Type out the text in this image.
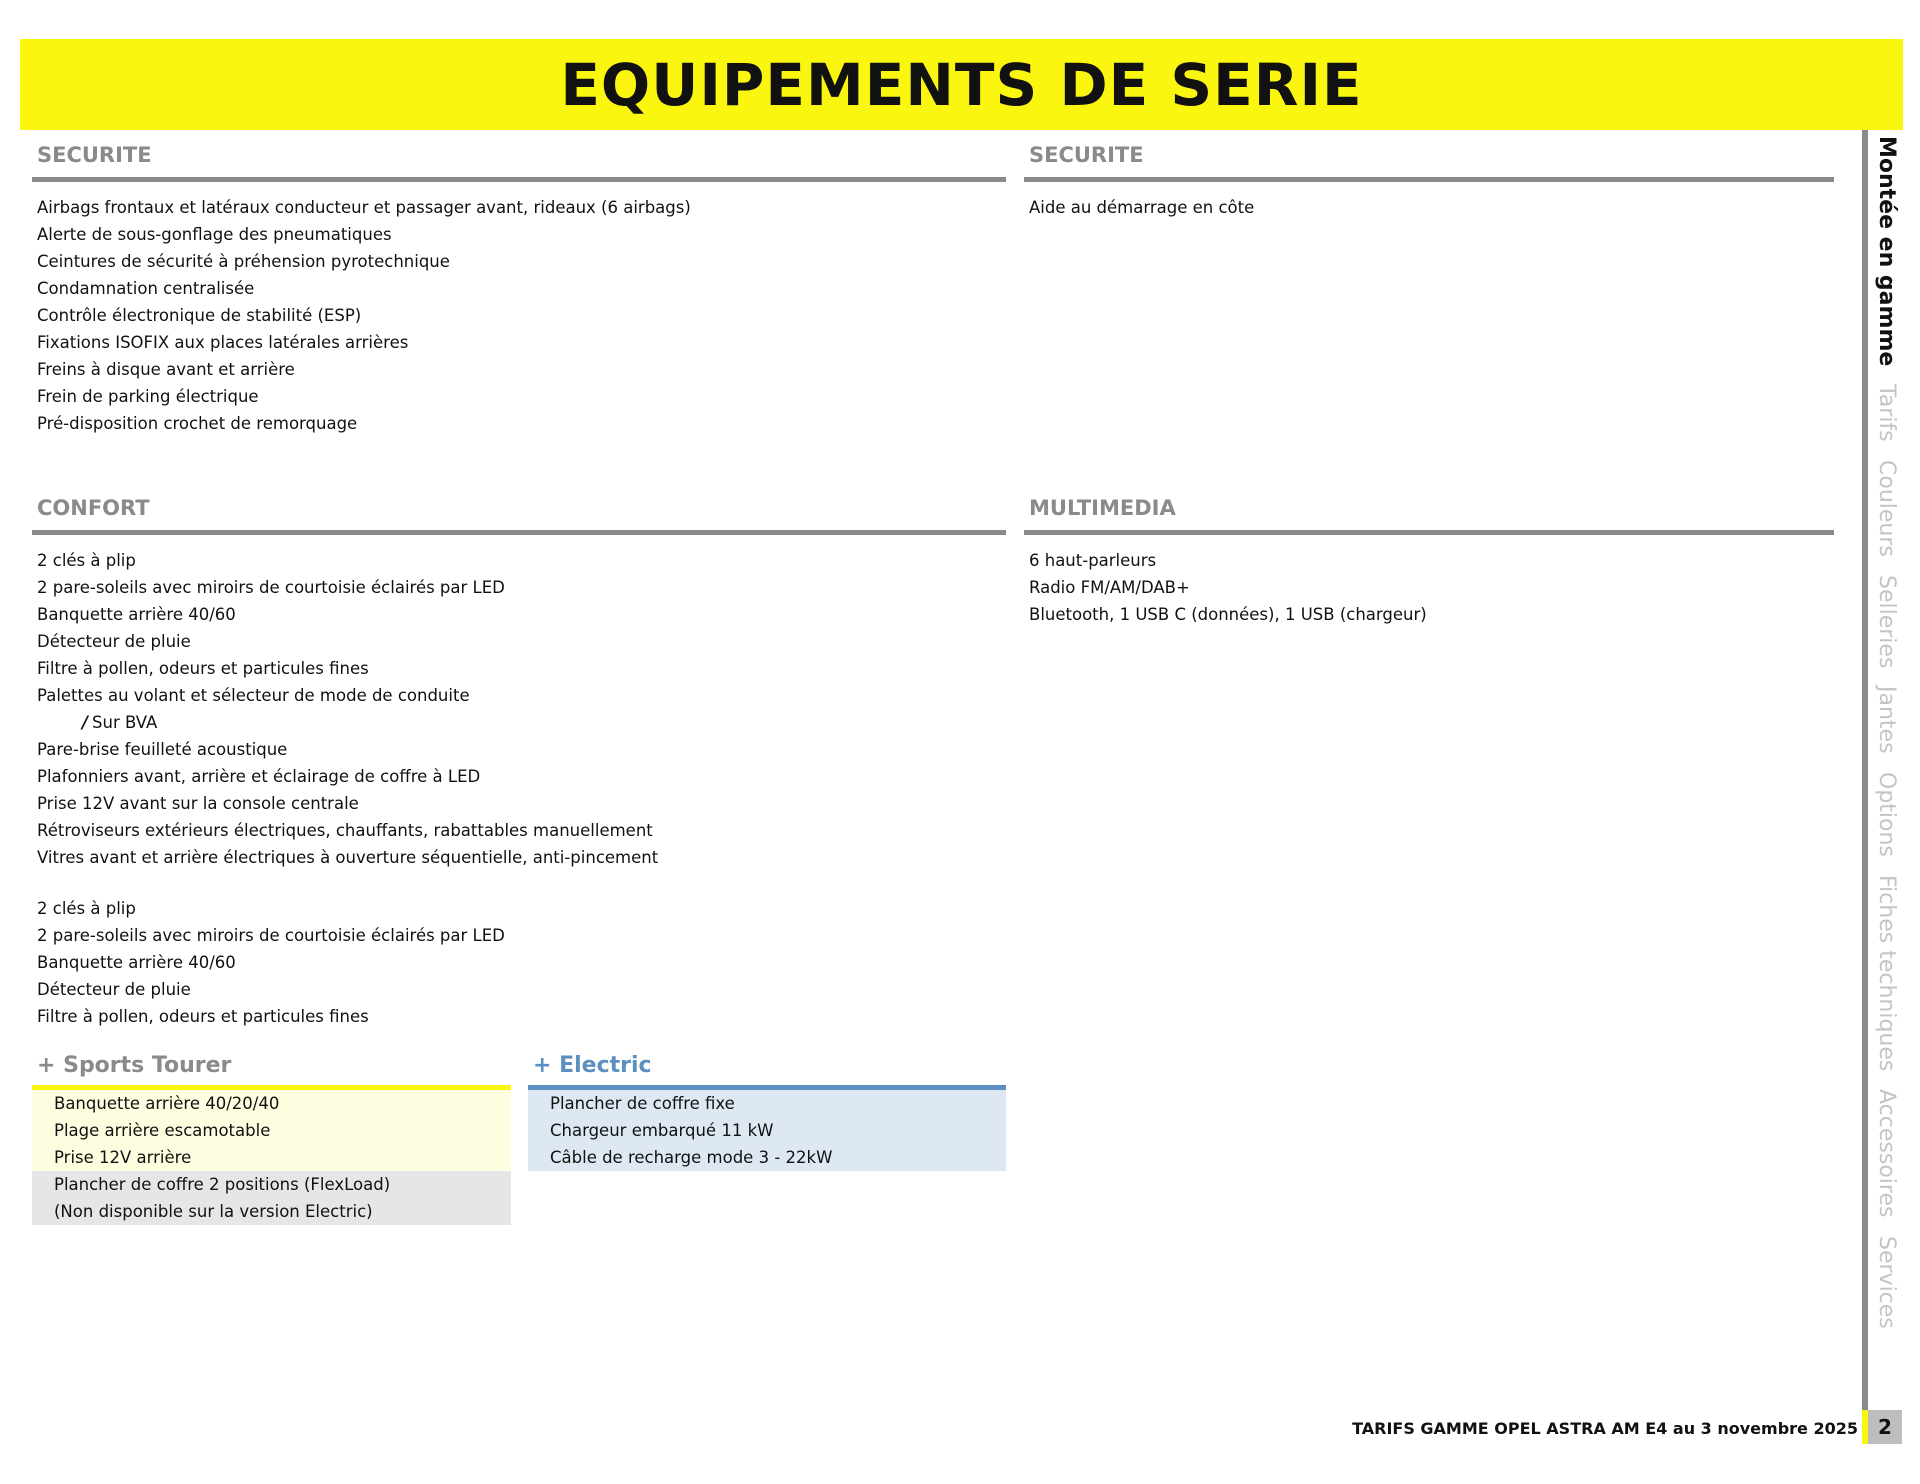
EQUIPEMENTS DE SERIE
SECURITE
Airbags frontaux et latéraux conducteur et passager avant, rideaux (6 airbags)
Alerte de sous-gonflage des pneumatiques
Ceintures de sécurité à préhension pyrotechnique
Condamnation centralisée
Contrôle électronique de stabilité (ESP)
Fixations ISOFIX aux places latérales arrières
Freins à disque avant et arrière
Frein de parking électrique
Pré-disposition crochet de remorquage
SECURITE
Aide au démarrage en côte
CONFORT
2 clés à plip
2 pare-soleils avec miroirs de courtoisie éclairés par LED
Banquette arrière 40/60
Détecteur de pluie
Filtre à pollen, odeurs et particules fines
Palettes au volant et sélecteur de mode de conduite
/ Sur BVA
Pare-brise feuilleté acoustique
Plafonniers avant, arrière et éclairage de coffre à LED
Prise 12V avant sur la console centrale
Rétroviseurs extérieurs électriques, chauffants, rabattables manuellement
Vitres avant et arrière électriques à ouverture séquentielle, anti-pincement
2 clés à plip
2 pare-soleils avec miroirs de courtoisie éclairés par LED
Banquette arrière 40/60
Détecteur de pluie
Filtre à pollen, odeurs et particules fines
MULTIMEDIA
6 haut-parleurs
Radio FM/AM/DAB+
Bluetooth, 1 USB C (données), 1 USB (chargeur)
+ Sports Tourer
Banquette arrière 40/20/40
Plage arrière escamotable
Prise 12V arrière
Plancher de coffre 2 positions (FlexLoad)
(Non disponible sur la version Electric)
+ Electric
Plancher de coffre fixe
Chargeur embarqué 11 kW
Câble de recharge mode 3 - 22kW
Montée en gamme
Tarifs
Couleurs
Selleries
Jantes
Options
Fiches techniques
Accessoires
Services
TARIFS GAMME OPEL ASTRA AM E4 au 3 novembre 2025	2
